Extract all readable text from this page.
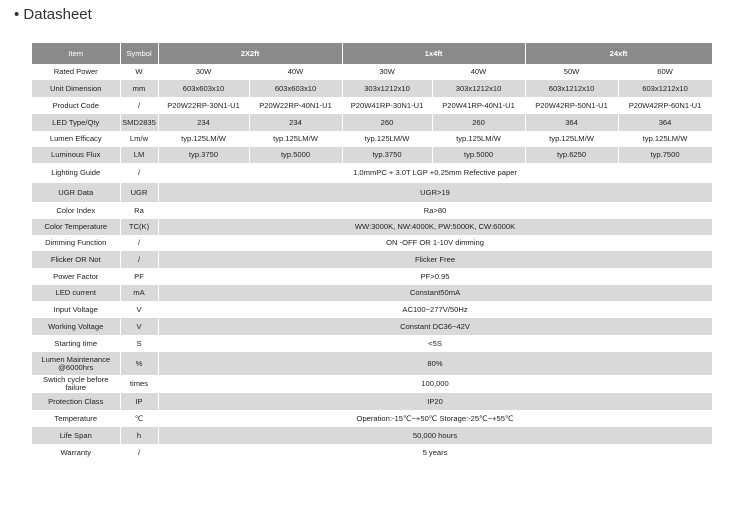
• Datasheet
Item	Symbol	2X2ft		1x4ft		24xft	
Rated Power	W	30W	40W	30W	40W	50W	60W
Unit Dimension	mm	603x603x10	603x603x10	303x1212x10	303x1212x10	603x1212x10	603x1212x10
Product Code	/	P20W22RP-30N1-U1	P20W22RP-40N1-U1	P20W41RP-30N1-U1	P20W41RP-40N1-U1	P20W42RP-50N1-U1	P20W42RP-60N1-U1
LED Type/Qty	SMD2835	234	234	260	260	364	364
Lumen Efficacy	Lm/w	typ.125LM/W	typ.125LM/W	typ.125LM/W	typ.125LM/W	typ.125LM/W	typ.125LM/W
Luminous Flux	LM	typ.3750	typ.5000	typ.3750	typ.5000	typ.6250	typ.7500
Lighting Guide	/	1.0mmPC + 3.0T LGP +0.25mm Refective paper					
UGR Data	UGR	UGR>19					
Color Index	Ra	Ra>80					
Color Temperature	TC(K)	WW:3000K, NW:4000K, PW:5000K, CW:6000K					
Dimming Function	/	ON -OFF OR 1-10V dimming					
Flicker OR Not	/	Flicker Free					
Power Factor	PF	PF>0.95					
LED current	mA	Constant50mA					
Input Voltage	V	AC100~277V/50Hz					
Working Voltage	V	Constant DC36~42V					
Starting time	S	<5S					
Lumen Maintenance @6000hrs	%	80%					
Swtich cycle before failure	times	100,000					
Protection Class	IP	IP20					
Temperature	℃	Operation:-15℃~+50℃ Storage:-25℃~+55℃					
Life Span	h	50,000 hours					
Warranty	/	5 years					
